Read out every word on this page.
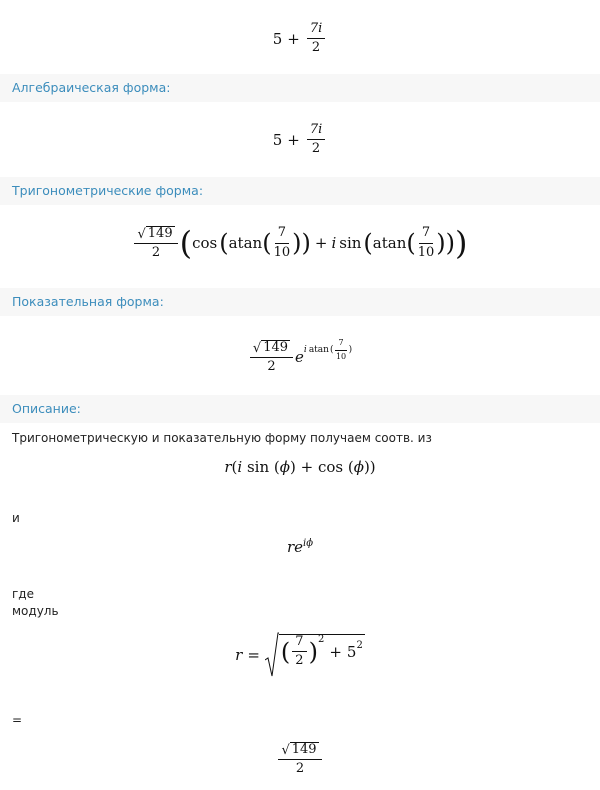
$5 + \frac{7i}{2}$
Алгебраическая форма:
$5 + \frac{7i}{2}$
Тригонометрические форма:
$\frac{√ 149}{2}$ ( cos ( atan ( $\frac{7}{10}$ ) ) + i sin ( atan ( $\frac{7}{10}$ ) ) )
Показательная форма:
$\frac{√ 149}{2}$ e i atan ( $\frac{7}{10}$ )
Описание:
Тригонометрическую и показательную форму получаем соотв. из
r(i sin (ϕ) + cos (ϕ))
и
$re^{i\phi}$
где
модуль
r = ( $\frac{7}{2} )^2$
+ $5^2$
=
$\frac{√ 149}{2}$
